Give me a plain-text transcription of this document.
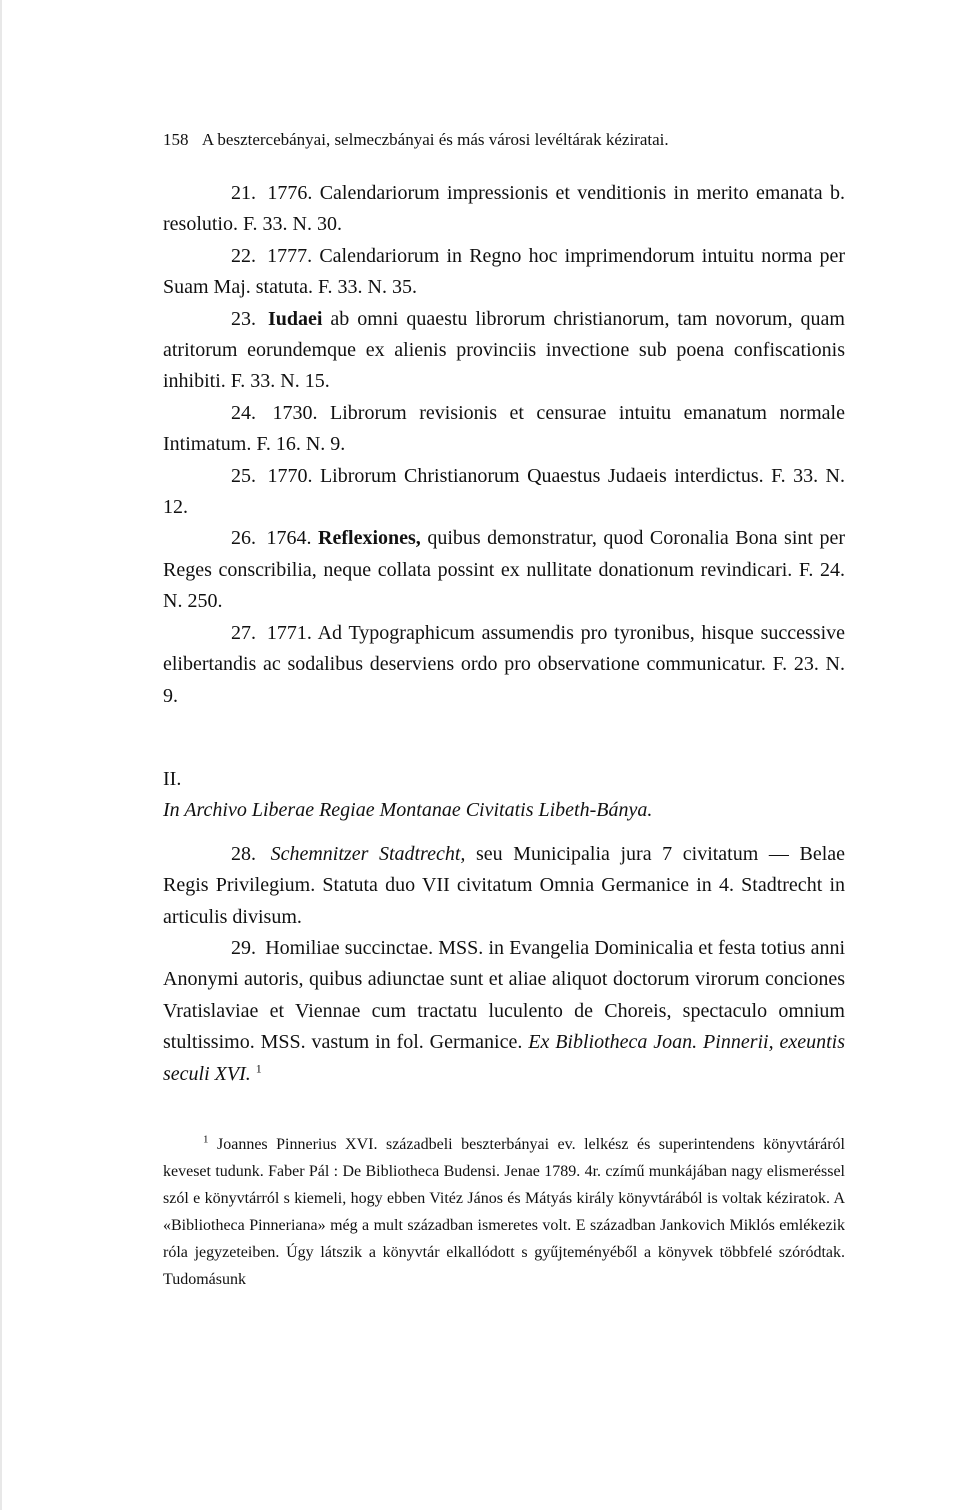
158 A besztercebányai, selmeczbányai és más városi levéltárak kéziratai.

21. 1776. Calendariorum impressionis et venditionis in merito emanata b. resolutio. F. 33. N. 30.

22. 1777. Calendariorum in Regno hoc imprimendorum intuitu norma per Suam Maj. statuta. F. 33. N. 35.

23. Iudaei ab omni quaestu librorum christianorum, tam novorum, quam atritorum eorundemque ex alienis provinciis invectione sub poena confiscationis inhibiti. F. 33. N. 15.

24. 1730. Librorum revisionis et censurae intuitu emanatum normale Intimatum. F. 16. N. 9.

25. 1770. Librorum Christianorum Quaestus Judaeis interdictus. F. 33. N. 12.

26. 1764. Reflexiones, quibus demonstratur, quod Coronalia Bona sint per Reges conscribilia, neque collata possint ex nullitate donationum revindicari. F. 24. N. 250.

27. 1771. Ad Typographicum assumendis pro tyronibus, hisque successive elibertandis ac sodalibus deserviens ordo pro observatione communicatur. F. 23. N. 9.

II.

In Archivo Liberae Regiae Montanae Civitatis Libeth-Bánya.

28. Schemnitzer Stadtrecht, seu Municipalia jura 7 civitatum — Belae Regis Privilegium. Statuta duo VII civitatum Omnia Germanice in 4. Stadtrecht in articulis divisum.

29. Homiliae succinctae. MSS. in Evangelia Dominicalia et festa totius anni Anonymi autoris, quibus adiunctae sunt et aliae aliquot doctorum virorum conciones Vratislaviae et Viennae cum tractatu luculento de Choreis, spectaculo omnium stultissimo. MSS. vastum in fol. Germanice. Ex Bibliotheca Joan. Pinnerii, exeuntis seculi XVI. $^1$

$^1$ Joannes Pinnerius XVI. századbeli beszterbányai ev. lelkész és superintendens könyvtáráról keveset tudunk. Faber Pál : De Bibliotheca Budensi. Jenae 1789. 4r. czímű munkájában nagy elismeréssel szól e könyvtárról s kiemeli, hogy ebben Vitéz János és Mátyás király könyvtárából is voltak kéziratok. A «Bibliotheca Pinneriana» még a mult században ismeretes volt. E században Jankovich Miklós emlékezik róla jegyzeteiben. Úgy látszik a könyvtár elkallódott s gyűjteményéből a könyvek többfelé szóródtak. Tudomásunk
